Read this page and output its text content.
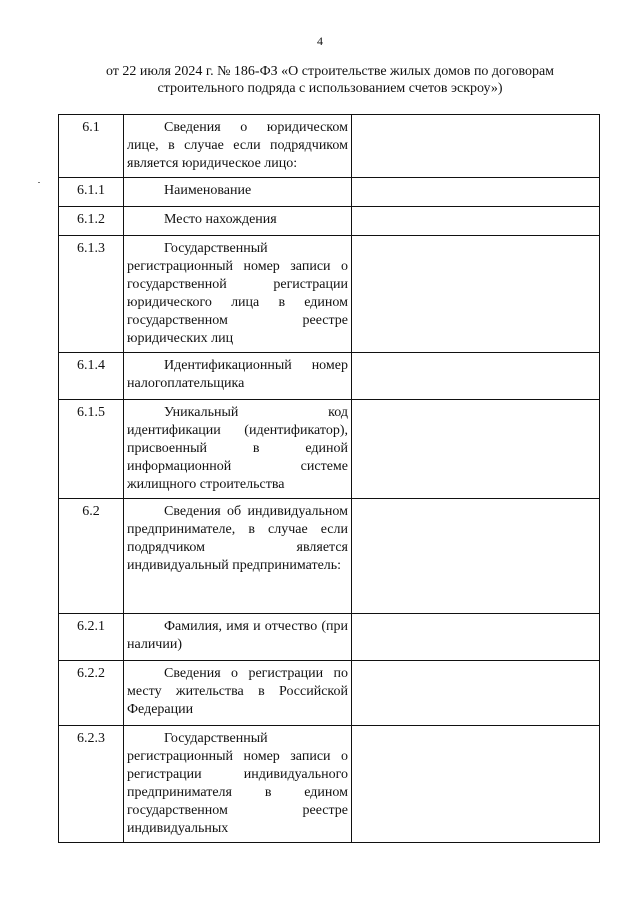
4
от 22 июля 2024 г. № 186-ФЗ «О строительстве жилых домов по договорам
строительного подряда с использованием счетов эскроу»)
6.1	Сведения о юридическом лице, в случае если подрядчиком является юридическое лицо:	

6.1.1	Наименование	

6.1.2	Место нахождения	

6.1.3	Государственный регистрационный номер записи о государственной регистрации юридического лица в едином государственном реестре юридических лиц	

6.1.4	Идентификационный номер налогоплательщика	

6.1.5	Уникальный код идентификации (идентификатор), присвоенный в единой информационной системе жилищного строительства	

6.2	Сведения об индивидуальном предпринимателе, в случае если подрядчиком является индивидуальный предприниматель:	

6.2.1	Фамилия, имя и отчество (при наличии)	

6.2.2	Сведения о регистрации по месту жительства в Российской Федерации	

6.2.3	Государственный регистрационный номер записи о регистрации индивидуального предпринимателя в едином государственном реестре индивидуальных	
